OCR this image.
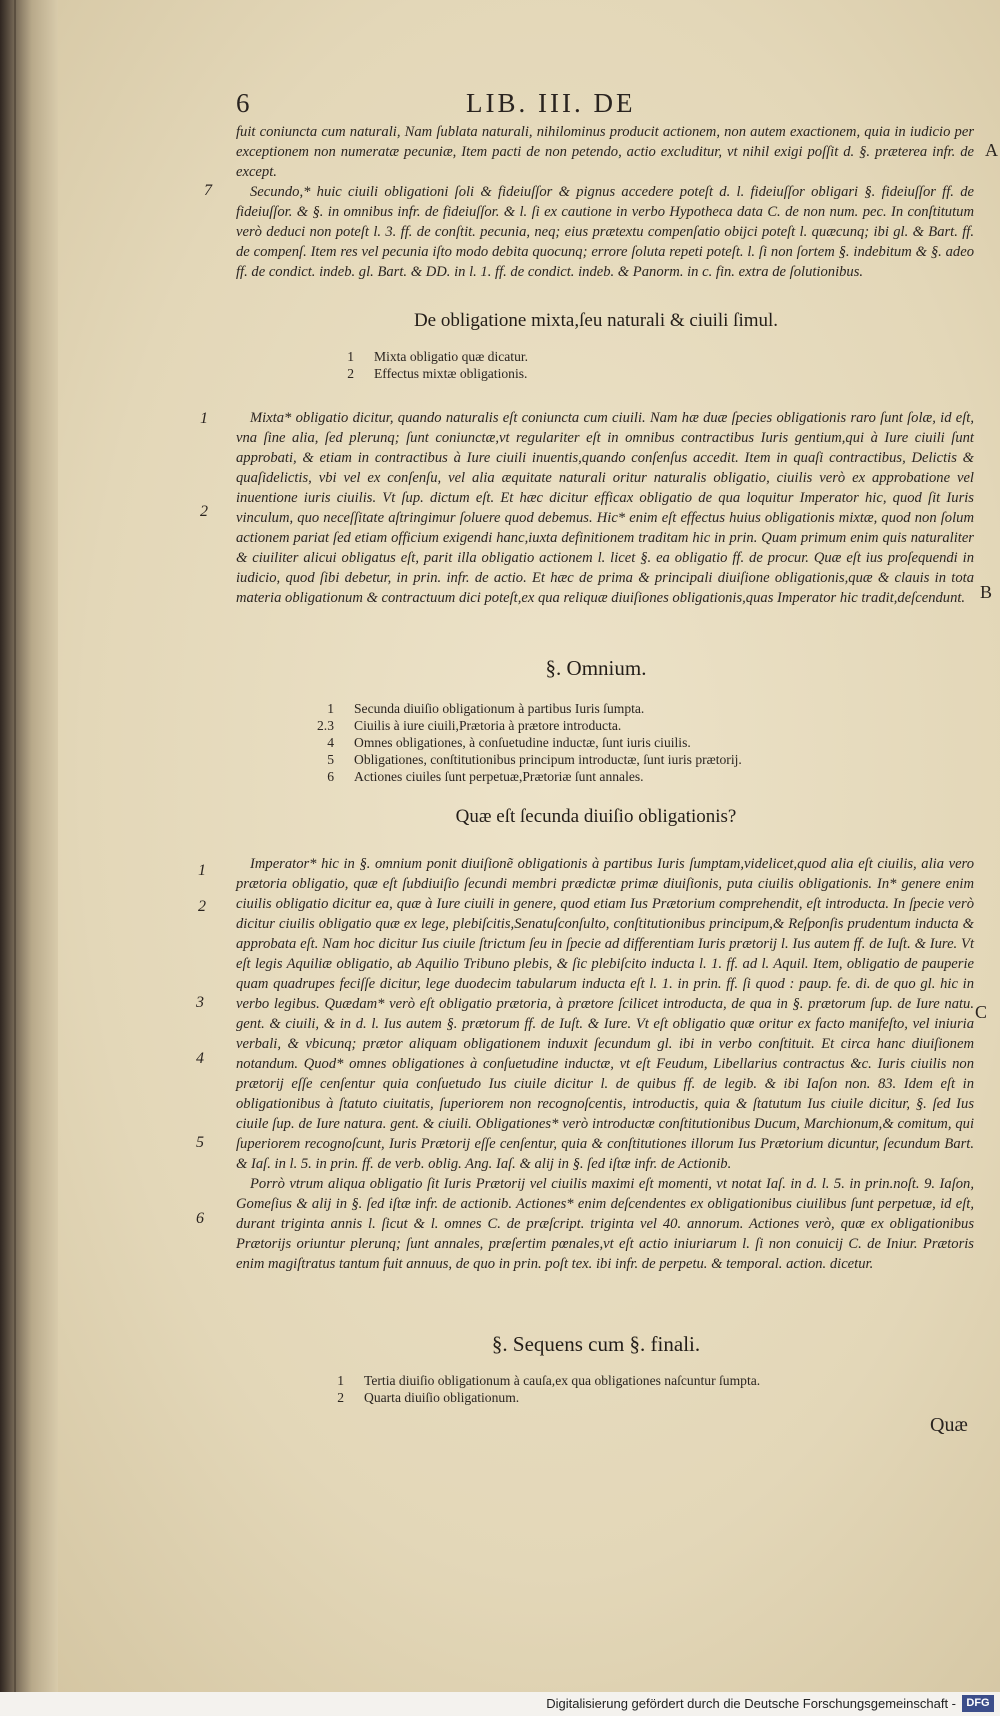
6	LIB. III. DE
A
B
C
7
1
2
1
2
3
4
5
6

fuit coniuncta cum naturali, Nam ſublata naturali, nihilominus producit actionem, non autem exactionem, quia in iudicio per exceptionem non numeratæ pecuniæ, Item pacti de non petendo, actio excluditur, vt nihil exigi poſſit d. §. præterea infr. de except.

Secundo,* huic ciuili obligationi ſoli & fideiuſſor & pignus accedere poteſt d. l. fideiuſſor obligari §. fideiuſſor ff. de fideiuſſor. & §. in omnibus infr. de fideiuſſor. & l. ſi ex cautione in verbo Hypotheca data C. de non num. pec. In conſtitutum verò deduci non poteſt l. 3. ff. de conſtit. pecunia, neq; eius prætextu compenſatio obijci poteſt l. quæcunq; ibi gl. & Bart. ff. de compenſ. Item res vel pecunia iſto modo debita quocunq; errore ſoluta repeti poteſt. l. ſi non ſortem §. indebitum & §. adeo ff. de condict. indeb. gl. Bart. & DD. in l. 1. ff. de condict. indeb. & Panorm. in c. fin. extra de ſolutionibus.

De obligatione mixta,ſeu naturali & ciuili ſimul.
1	Mixta obligatio quæ dicatur.
2	Effectus mixtæ obligationis.

Mixta* obligatio dicitur, quando naturalis eſt coniuncta cum ciuili. Nam hæ duæ ſpecies obligationis raro ſunt ſolæ, id eſt, vna ſine alia, ſed plerunq; ſunt coniunctæ,vt regulariter eſt in omnibus contractibus Iuris gentium,qui à Iure ciuili ſunt approbati, & etiam in contractibus à Iure ciuili inuentis,quando conſenſus accedit. Item in quaſi contractibus, Delictis & quaſidelictis, vbi vel ex conſenſu, vel alia æquitate naturali oritur naturalis obligatio, ciuilis verò ex approbatione vel inuentione iuris ciuilis. Vt ſup. dictum eſt. Et hæc dicitur efficax obligatio de qua loquitur Imperator hic, quod ſit Iuris vinculum, quo neceſſitate aſtringimur ſoluere quod debemus. Hic* enim eſt effectus huius obligationis mixtæ, quod non ſolum actionem pariat ſed etiam officium exigendi hanc,iuxta definitionem traditam hic in prin. Quam primum enim quis naturaliter & ciuiliter alicui obligatus eſt, parit illa obligatio actionem l. licet §. ea obligatio ff. de procur. Quæ eſt ius proſequendi in iudicio, quod ſibi debetur, in prin. infr. de actio. Et hæc de prima & principali diuiſione obligationis,quæ & clauis in tota materia obligationum & contractuum dici poteſt,ex qua reliquæ diuiſiones obligationis,quas Imperator hic tradit,deſcendunt.

§. Omnium.
1	Secunda diuiſio obligationum à partibus Iuris ſumpta.
2.3	Ciuilis à iure ciuili,Prætoria à prætore introducta.
4	Omnes obligationes, à conſuetudine inductæ, ſunt iuris ciuilis.
5	Obligationes, conſtitutionibus principum introductæ, ſunt iuris prætorij.
6	Actiones ciuiles ſunt perpetuæ,Prætoriæ ſunt annales.
Quæ eſt ſecunda diuiſio obligationis?

Imperator* hic in §. omnium ponit diuiſionẽ obligationis à partibus Iuris ſumptam,videlicet,quod alia eſt ciuilis, alia vero prætoria obligatio, quæ eſt ſubdiuiſio ſecundi membri prædictæ primæ diuiſionis, puta ciuilis obligationis. In* genere enim ciuilis obligatio dicitur ea, quæ à Iure ciuili in genere, quod etiam Ius Prætorium comprehendit, eſt introducta. In ſpecie verò dicitur ciuilis obligatio quæ ex lege, plebiſcitis,Senatuſconſulto, conſtitutionibus principum,& Reſponſis prudentum inducta & approbata eſt. Nam hoc dicitur Ius ciuile ſtrictum ſeu in ſpecie ad differentiam Iuris prætorij l. Ius autem ff. de Iuſt. & Iure. Vt eſt legis Aquiliæ obligatio, ab Aquilio Tribuno plebis, & ſic plebiſcito inducta l. 1. ff. ad l. Aquil. Item, obligatio de pauperie quam quadrupes feciſſe dicitur, lege duodecim tabularum inducta eſt l. 1. in prin. ff. ſi quod : paup. fe. di. de quo gl. hic in verbo legibus. Quædam* verò eſt obligatio prætoria, à prætore ſcilicet introducta, de qua in §. prætorum ſup. de Iure natu. gent. & ciuili, & in d. l. Ius autem §. prætorum ff. de Iuſt. & Iure. Vt eſt obligatio quæ oritur ex facto manifeſto, vel iniuria verbali, & vbicunq; prætor aliquam obligationem induxit ſecundum gl. ibi in verbo conſtituit. Et circa hanc diuiſionem notandum. Quod* omnes obligationes à conſuetudine inductæ, vt eſt Feudum, Libellarius contractus &c. Iuris ciuilis non prætorij eſſe cenſentur quia conſuetudo Ius ciuile dicitur l. de quibus ff. de legib. & ibi Iaſon non. 83. Idem eſt in obligationibus à ſtatuto ciuitatis, ſuperiorem non recognoſcentis, introductis, quia & ſtatutum Ius ciuile dicitur, §. ſed Ius ciuile ſup. de Iure natura. gent. & ciuili. Obligationes* verò introductæ conſtitutionibus Ducum, Marchionum,& comitum, qui ſuperiorem recognoſcunt, Iuris Prætorij eſſe cenſentur, quia & conſtitutiones illorum Ius Prætorium dicuntur, ſecundum Bart. & Iaſ. in l. 5. in prin. ff. de verb. oblig. Ang. Iaſ. & alij in §. ſed iſtæ infr. de Actionib.

Porrò vtrum aliqua obligatio ſit Iuris Prætorij vel ciuilis maximi eſt momenti, vt notat Iaſ. in d. l. 5. in prin.noſt. 9. Iaſon, Gomeſius & alij in §. ſed iſtæ infr. de actionib. Actiones* enim deſcendentes ex obligationibus ciuilibus ſunt perpetuæ, id eſt, durant triginta annis l. ſicut & l. omnes C. de præſcript. triginta vel 40. annorum. Actiones verò, quæ ex obligationibus Prætorijs oriuntur plerunq; ſunt annales, præſertim pœnales,vt eſt actio iniuriarum l. ſi non conuicij C. de Iniur. Prætoris enim magiſtratus tantum fuit annuus, de quo in prin. poſt tex. ibi infr. de perpetu. & temporal. action. dicetur.

§. Sequens cum §. finali.
1	Tertia diuiſio obligationum à cauſa,ex qua obligationes naſcuntur ſumpta.
2	Quarta diuiſio obligationum.
Quæ
Digitalisierung gefördert durch die Deutsche Forschungsgemeinschaft - DFG
